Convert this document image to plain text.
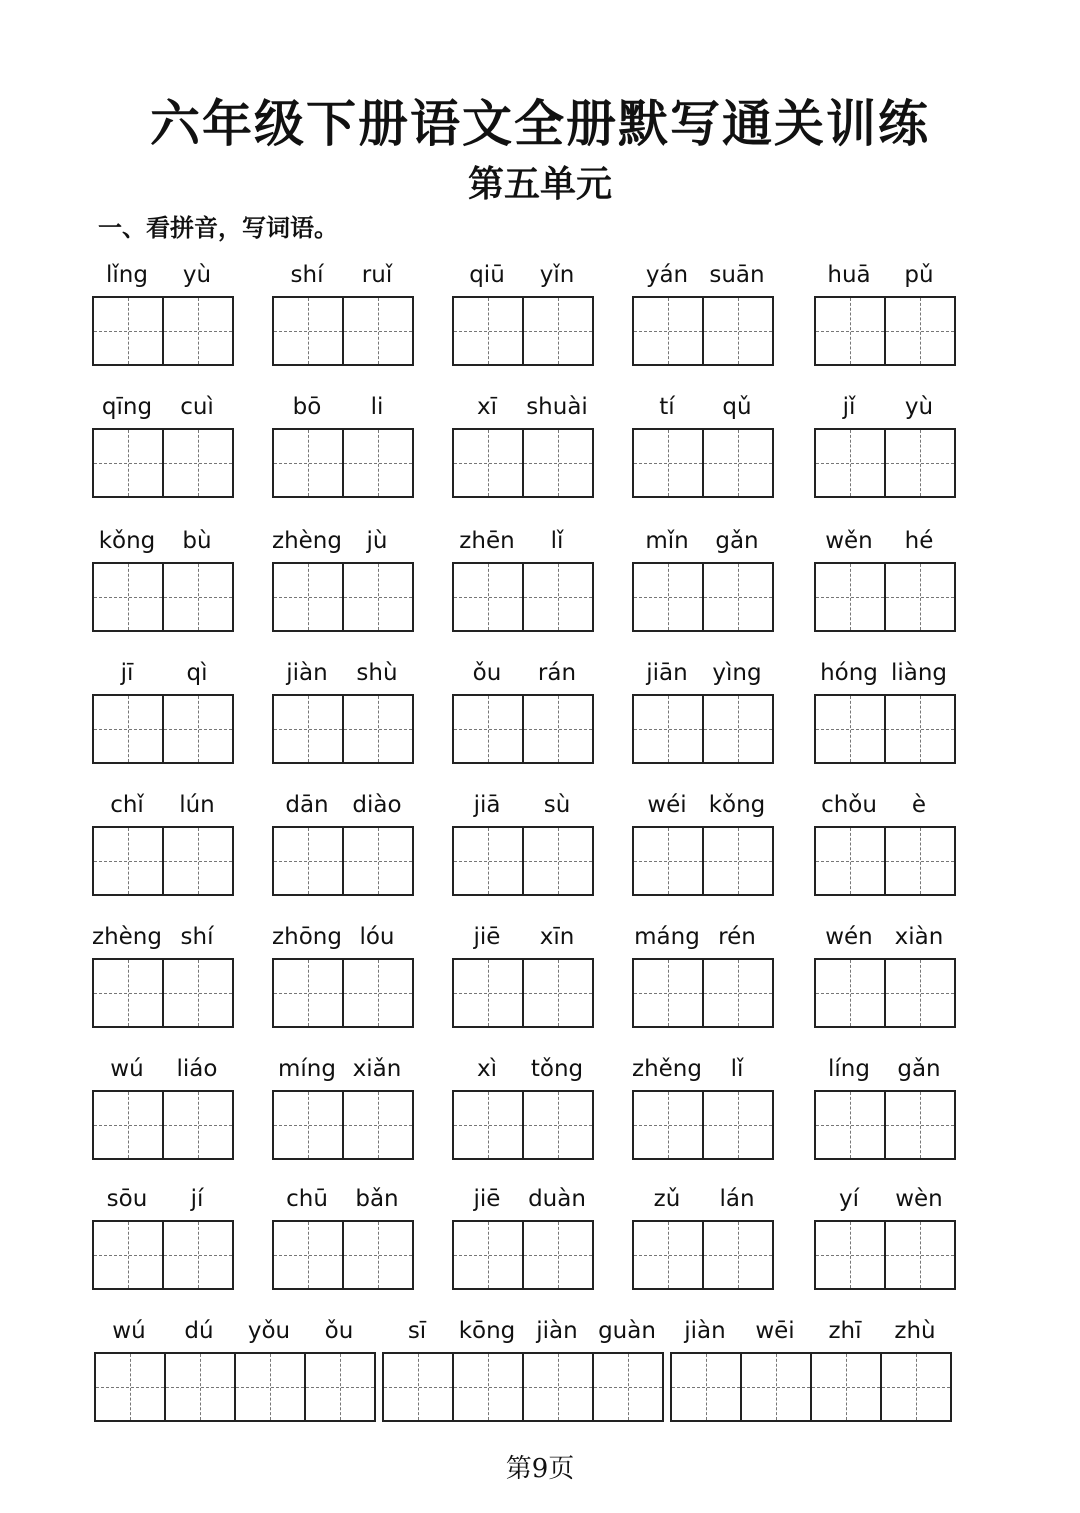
六年级下册语文全册默写通关训练
第五单元
一、看拼音，写词语。
lǐng	yù	shí	ruǐ	qiū	yǐn	yán suān	huā	pǔ
qīng	cuì	bō	li	xī	shuài	tí	qǔ	jǐ	yù
kǒng	bù	zhèng	jù	zhēn	lǐ	mǐn	gǎn	wěn	hé
jī	qì	jiàn	shù	ǒu	rán	jiān	yìng	hóng liàng
chǐ	lún	dān	diào	jiā	sù	wéi kǒng	chǒu	è
zhèng shí	zhōng lóu	jiē	xīn	máng rén	wén xiàn
wú	liáo	míng xiǎn	xì	tǒng	zhěng	lǐ	líng	gǎn
sōu	jí	chū	bǎn	jiē	duàn	zǔ	lán	yí	wèn
wú	dú	yǒu	ǒu	sī	kōng jiàn guàn	jiàn	wēi	zhī	zhù
第9页
